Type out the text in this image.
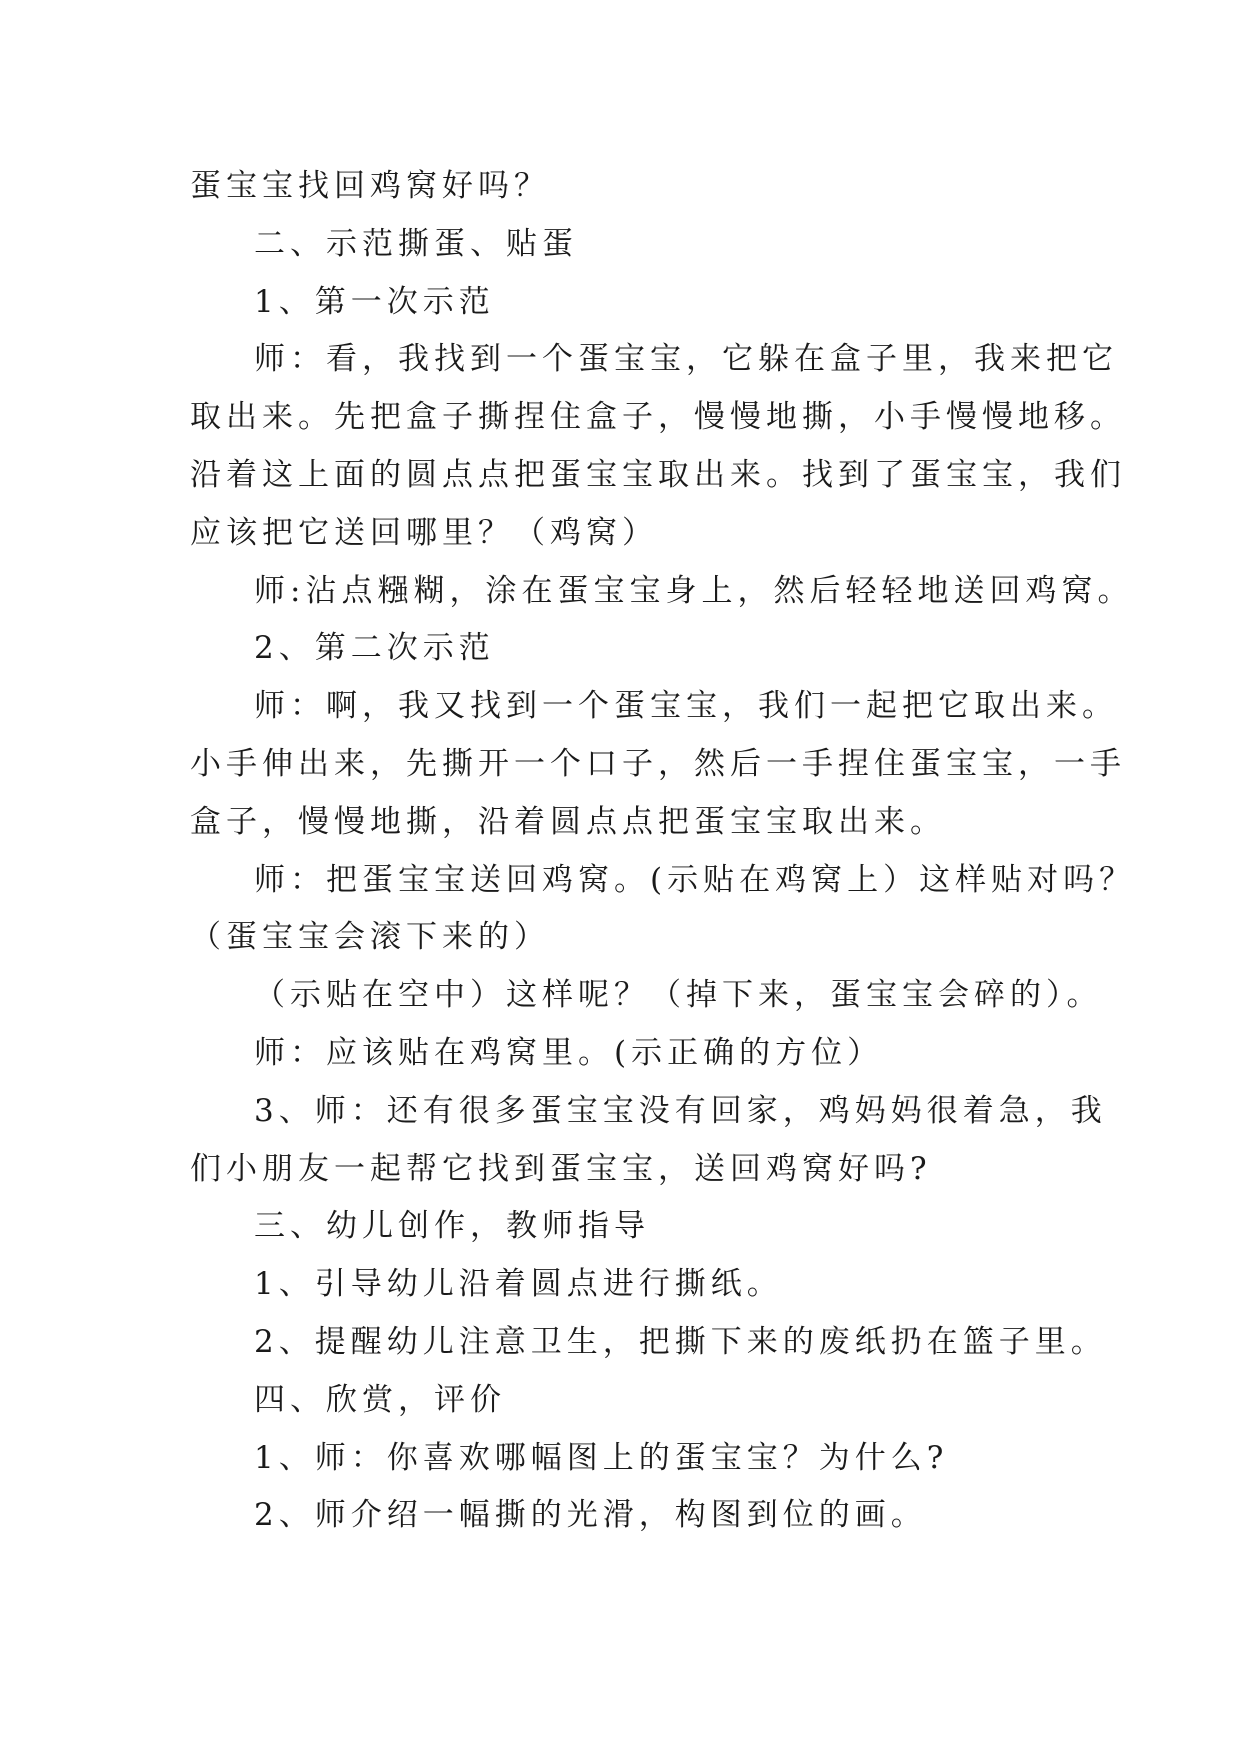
蛋宝宝找回鸡窝好吗？
二、示范撕蛋、贴蛋
1、第一次示范
师：看，我找到一个蛋宝宝，它躲在盒子里，我来把它
取出来。先把盒子撕捏住盒子，慢慢地撕，小手慢慢地移。
沿着这上面的圆点点把蛋宝宝取出来。找到了蛋宝宝，我们
应该把它送回哪里？（鸡窝）
师:沾点糨糊，涂在蛋宝宝身上，然后轻轻地送回鸡窝。
2、第二次示范
师：啊，我又找到一个蛋宝宝，我们一起把它取出来。
小手伸出来，先撕开一个口子，然后一手捏住蛋宝宝，一手
盒子，慢慢地撕，沿着圆点点把蛋宝宝取出来。
师：把蛋宝宝送回鸡窝。(示贴在鸡窝上）这样贴对吗？
（蛋宝宝会滚下来的）
（示贴在空中）这样呢？（掉下来，蛋宝宝会碎的）。
师：应该贴在鸡窝里。(示正确的方位）
3、师：还有很多蛋宝宝没有回家，鸡妈妈很着急，我
们小朋友一起帮它找到蛋宝宝，送回鸡窝好吗?
三、幼儿创作，教师指导
1、引导幼儿沿着圆点进行撕纸。
2、提醒幼儿注意卫生，把撕下来的废纸扔在篮子里。
四、欣赏，评价
1、师：你喜欢哪幅图上的蛋宝宝？为什么?
2、师介绍一幅撕的光滑，构图到位的画。
